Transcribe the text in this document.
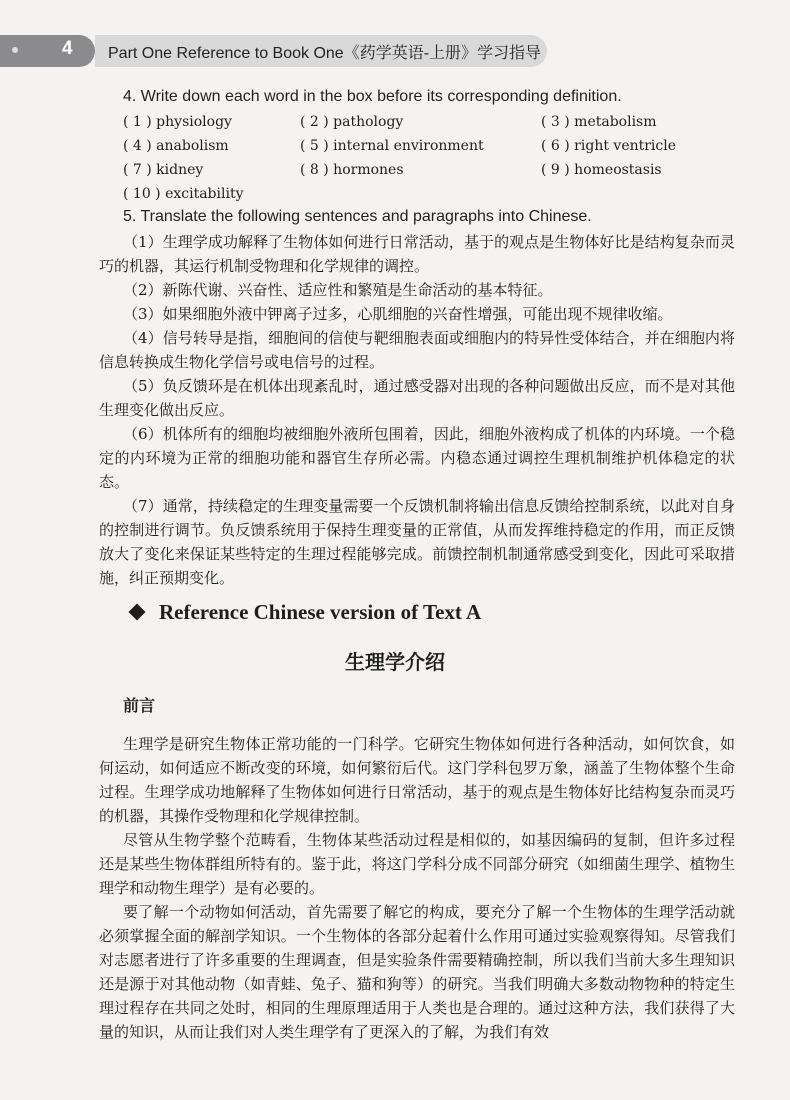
4 Part One Reference to Book One《药学英语-上册》学习指导
4. Write down each word in the box before its corresponding definition.
( 1 ) physiology	( 2 ) pathology	( 3 ) metabolism
( 4 ) anabolism	( 5 ) internal environment	( 6 ) right ventricle
( 7 ) kidney	( 8 ) hormones	( 9 ) homeostasis
( 10 ) excitability
5. Translate the following sentences and paragraphs into Chinese.
（1）生理学成功解释了生物体如何进行日常活动，基于的观点是生物体好比是结构复杂而灵巧的机器，其运行机制受物理和化学规律的调控。
（2）新陈代谢、兴奋性、适应性和繁殖是生命活动的基本特征。
（3）如果细胞外液中钾离子过多，心肌细胞的兴奋性增强，可能出现不规律收缩。
（4）信号转导是指，细胞间的信使与靶细胞表面或细胞内的特异性受体结合，并在细胞内将信息转换成生物化学信号或电信号的过程。
（5）负反馈环是在机体出现紊乱时，通过感受器对出现的各种问题做出反应，而不是对其他生理变化做出反应。
（6）机体所有的细胞均被细胞外液所包围着，因此，细胞外液构成了机体的内环境。一个稳定的内环境为正常的细胞功能和器官生存所必需。内稳态通过调控生理机制维护机体稳定的状态。
（7）通常，持续稳定的生理变量需要一个反馈机制将输出信息反馈给控制系统，以此对自身的控制进行调节。负反馈系统用于保持生理变量的正常值，从而发挥维持稳定的作用，而正反馈放大了变化来保证某些特定的生理过程能够完成。前馈控制机制通常感受到变化，因此可采取措施，纠正预期变化。
Reference Chinese version of Text A
生理学介绍
前言
生理学是研究生物体正常功能的一门科学。它研究生物体如何进行各种活动，如何饮食，如何运动，如何适应不断改变的环境，如何繁衍后代。这门学科包罗万象，涵盖了生物体整个生命过程。生理学成功地解释了生物体如何进行日常活动，基于的观点是生物体好比结构复杂而灵巧的机器，其操作受物理和化学规律控制。
尽管从生物学整个范畴看，生物体某些活动过程是相似的，如基因编码的复制，但许多过程还是某些生物体群组所特有的。鉴于此，将这门学科分成不同部分研究（如细菌生理学、植物生理学和动物生理学）是有必要的。
要了解一个动物如何活动，首先需要了解它的构成，要充分了解一个生物体的生理学活动就必须掌握全面的解剖学知识。一个生物体的各部分起着什么作用可通过实验观察得知。尽管我们对志愿者进行了许多重要的生理调查，但是实验条件需要精确控制，所以我们当前大多生理知识还是源于对其他动物（如青蛙、兔子、猫和狗等）的研究。当我们明确大多数动物物种的特定生理过程存在共同之处时，相同的生理原理适用于人类也是合理的。通过这种方法，我们获得了大量的知识，从而让我们对人类生理学有了更深入的了解，为我们有效
